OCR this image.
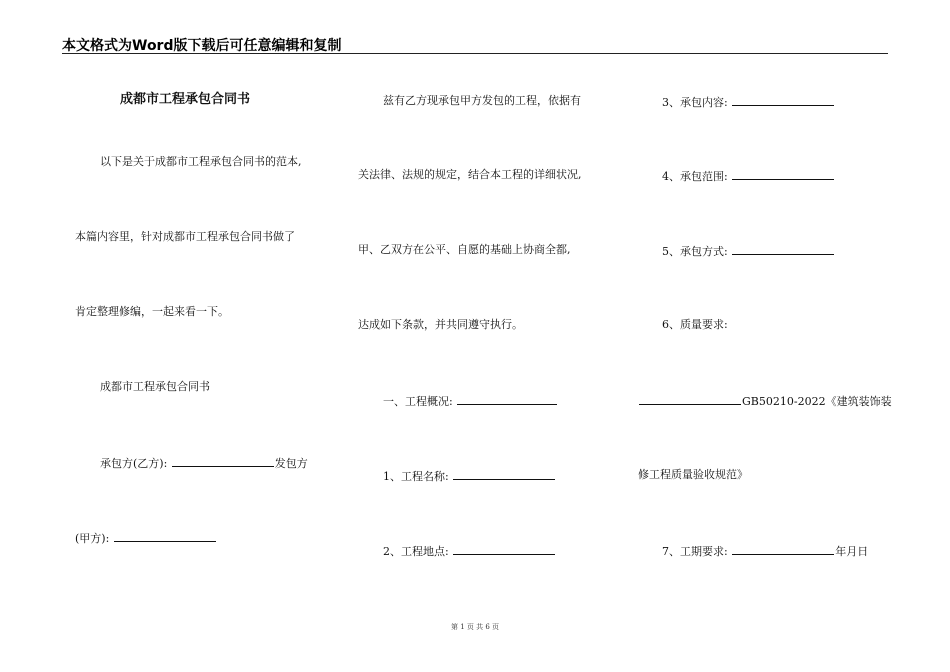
本文格式为Word版下载后可任意编辑和复制
成都市工程承包合同书
以下是关于成都市工程承包合同书的范本,
本篇内容里，针对成都市工程承包合同书做了
肯定整理修编，一起来看一下。
成都市工程承包合同书
承包方(乙方):	发包方
(甲方):
兹有乙方现承包甲方发包的工程，依据有
关法律、法规的规定，结合本工程的详细状况,
甲、乙双方在公平、自愿的基础上协商全都,
达成如下条款，并共同遵守执行。
一、工程概况:
1、工程名称:
2、工程地点:
3、承包内容:
4、承包范围:
5、承包方式:
6、质量要求:
GB50210-2022《建筑装饰装
修工程质量验收规范》
7、工期要求:	年月日
第 1 页 共 6 页
